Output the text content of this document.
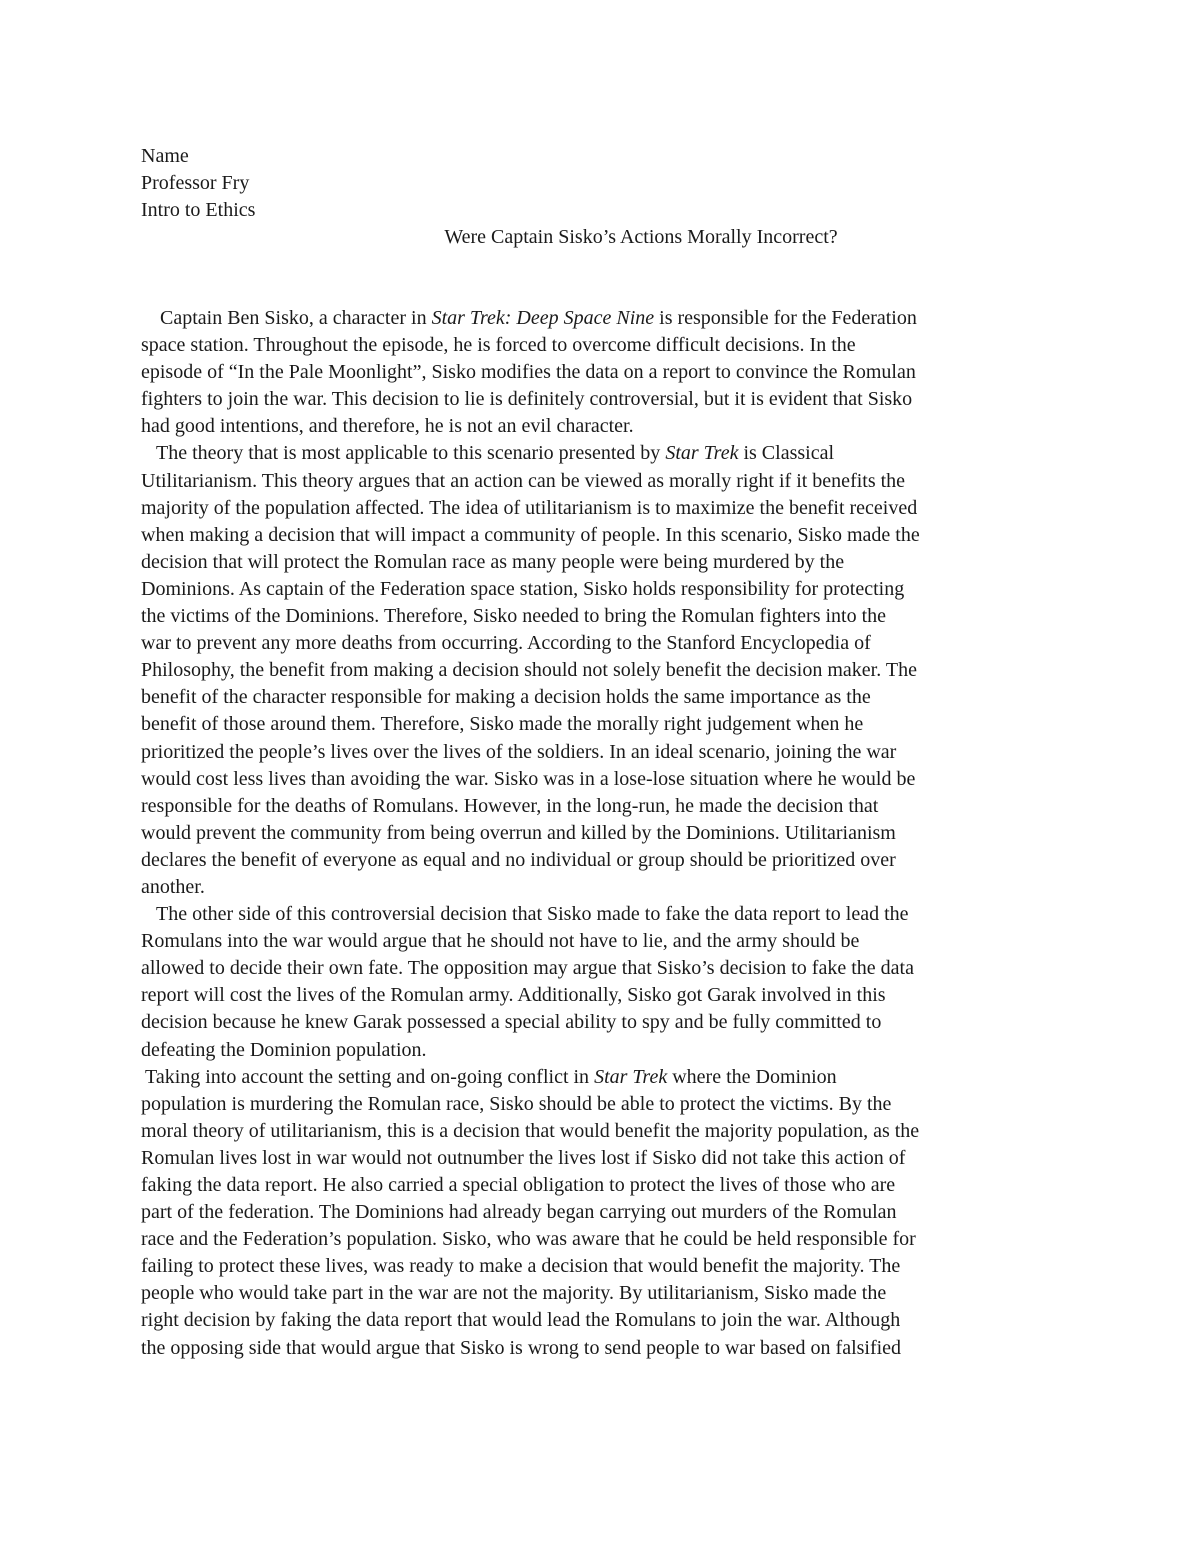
Name
Professor Fry
Intro to Ethics
Were Captain Sisko’s Actions Morally Incorrect?
Captain Ben Sisko, a character in Star Trek: Deep Space Nine is responsible for the Federation
space station. Throughout the episode, he is forced to overcome difficult decisions. In the
episode of “In the Pale Moonlight”, Sisko modifies the data on a report to convince the Romulan
fighters to join the war. This decision to lie is definitely controversial, but it is evident that Sisko
had good intentions, and therefore, he is not an evil character.
The theory that is most applicable to this scenario presented by Star Trek is Classical
Utilitarianism. This theory argues that an action can be viewed as morally right if it benefits the
majority of the population affected. The idea of utilitarianism is to maximize the benefit received
when making a decision that will impact a community of people. In this scenario, Sisko made the
decision that will protect the Romulan race as many people were being murdered by the
Dominions. As captain of the Federation space station, Sisko holds responsibility for protecting
the victims of the Dominions. Therefore, Sisko needed to bring the Romulan fighters into the
war to prevent any more deaths from occurring. According to the Stanford Encyclopedia of
Philosophy, the benefit from making a decision should not solely benefit the decision maker. The
benefit of the character responsible for making a decision holds the same importance as the
benefit of those around them. Therefore, Sisko made the morally right judgement when he
prioritized the people’s lives over the lives of the soldiers. In an ideal scenario, joining the war
would cost less lives than avoiding the war. Sisko was in a lose-lose situation where he would be
responsible for the deaths of Romulans. However, in the long-run, he made the decision that
would prevent the community from being overrun and killed by the Dominions. Utilitarianism
declares the benefit of everyone as equal and no individual or group should be prioritized over
another.
The other side of this controversial decision that Sisko made to fake the data report to lead the
Romulans into the war would argue that he should not have to lie, and the army should be
allowed to decide their own fate. The opposition may argue that Sisko’s decision to fake the data
report will cost the lives of the Romulan army. Additionally, Sisko got Garak involved in this
decision because he knew Garak possessed a special ability to spy and be fully committed to
defeating the Dominion population.
Taking into account the setting and on-going conflict in Star Trek where the Dominion
population is murdering the Romulan race, Sisko should be able to protect the victims. By the
moral theory of utilitarianism, this is a decision that would benefit the majority population, as the
Romulan lives lost in war would not outnumber the lives lost if Sisko did not take this action of
faking the data report. He also carried a special obligation to protect the lives of those who are
part of the federation. The Dominions had already began carrying out murders of the Romulan
race and the Federation’s population. Sisko, who was aware that he could be held responsible for
failing to protect these lives, was ready to make a decision that would benefit the majority. The
people who would take part in the war are not the majority. By utilitarianism, Sisko made the
right decision by faking the data report that would lead the Romulans to join the war. Although
the opposing side that would argue that Sisko is wrong to send people to war based on falsified
